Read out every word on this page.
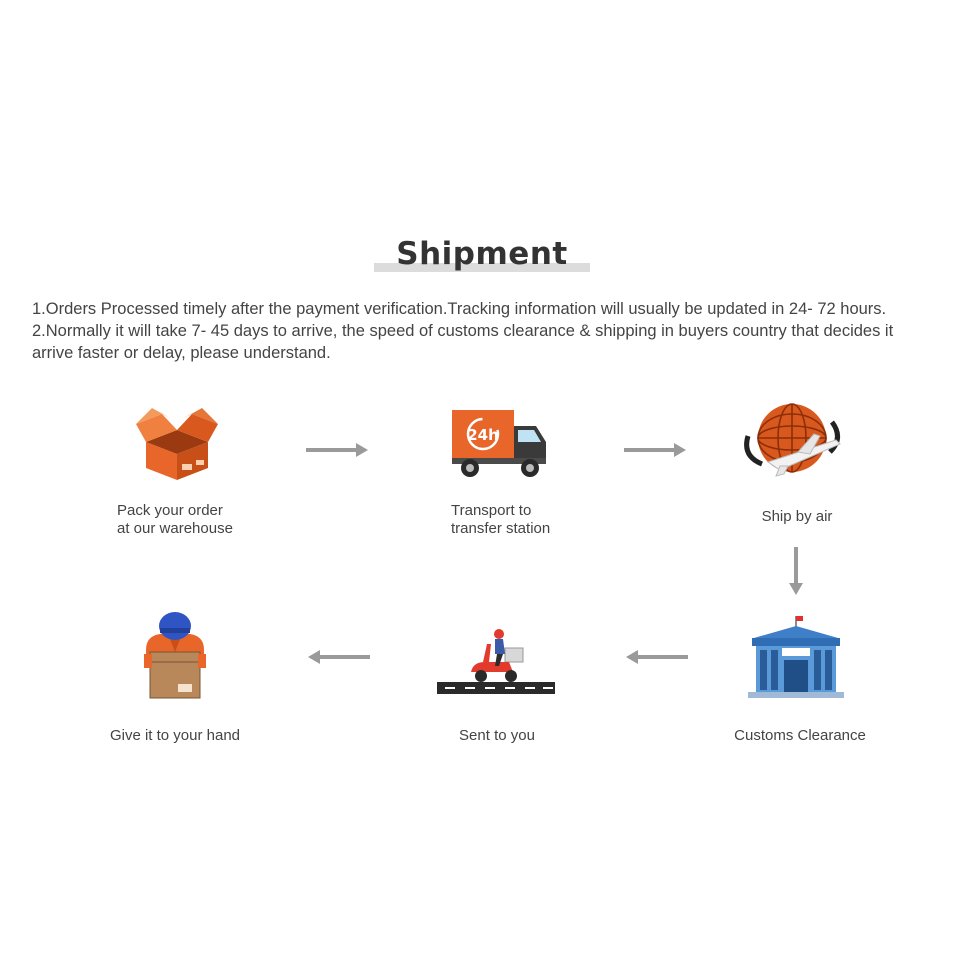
Shipment

1.Orders Processed timely after the payment verification.Tracking information will usually be updated in 24- 72 hours.

2.Normally it will take 7- 45 days to arrive, the speed of customs clearance & shipping in buyers country that decides it arrive faster or delay, please understand.

Pack your order
at our warehouse
24h
Transport to
transfer station
Ship by air
Customs Clearance
Sent to you
Give it to your hand
